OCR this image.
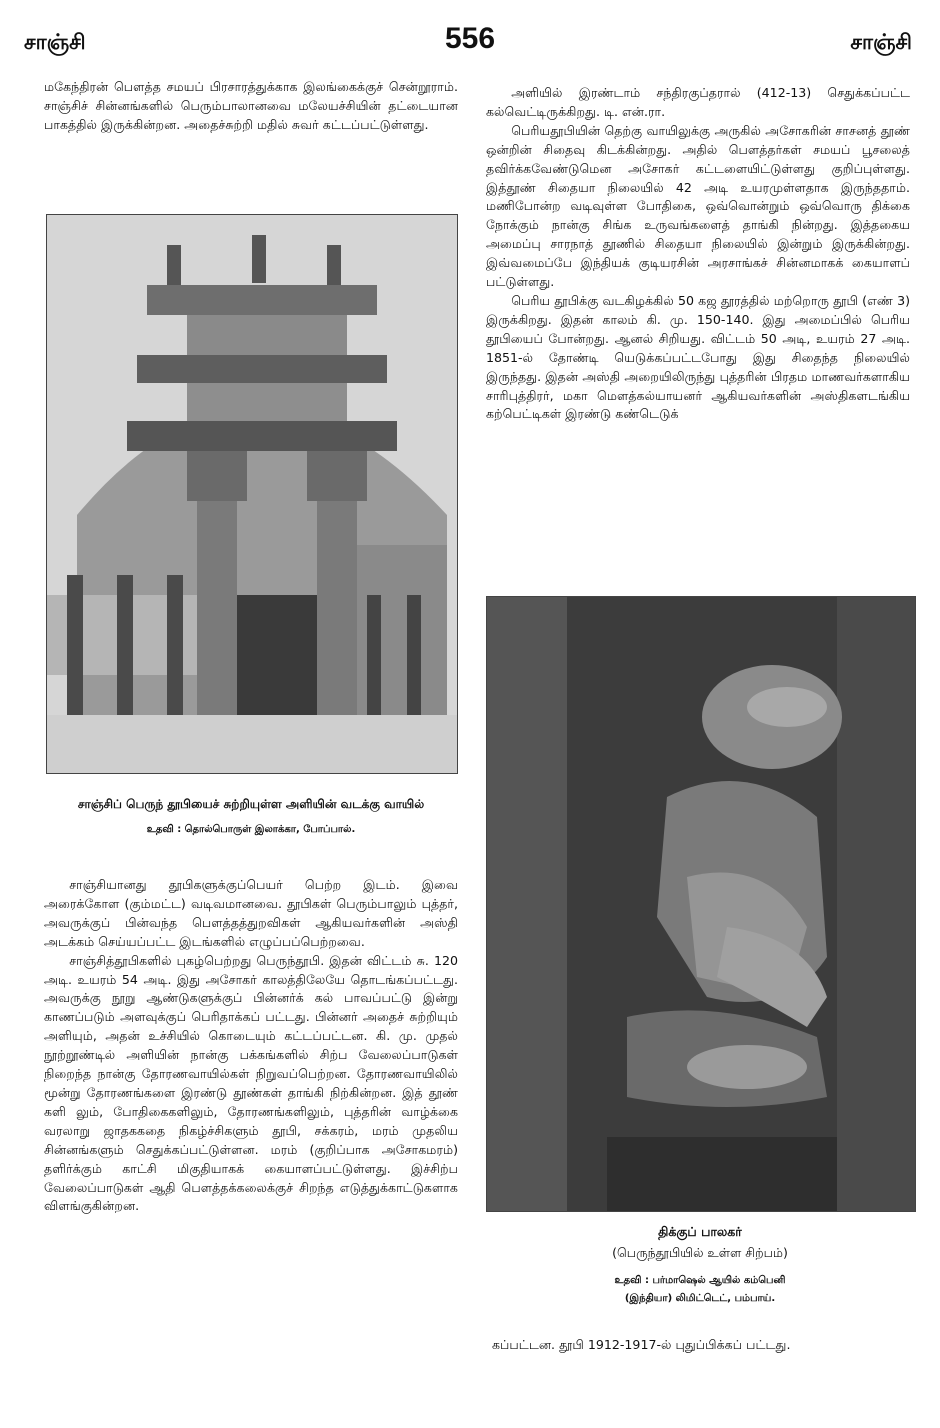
சாஞ்சி	556	சாஞ்சி

மகேந்திரன் பௌத்த சமயப் பிரசாரத்துக்காக இலங்கைக்குச் சென்றூராம். சாஞ்சிச் சின்னங்களில் பெரும்பாலானவை மலேயச்சியின் தட்டையான பாகத்தில் இருக்கின்றன. அதைச்சுற்றி மதில் சுவர் கட்டப்பட்டுள்ளது.

சாஞ்சிப் பெருந் தூபியைச் சுற்றியுள்ள அளியின் வடக்கு வாயில்
உதவி : தொல்பொருள் இலாக்கா, போப்பால்.

சாஞ்சியானது தூபிகளுக்குப்பெயர் பெற்ற இடம். இவை அரைக்கோள (கும்மட்ட) வடிவமானவை. தூபிகள் பெரும்பாலும் புத்தர், அவருக்குப் பின்வந்த பௌத்தத்துறவிகள் ஆகியவர்களின் அஸ்தி அடக்கம் செய்யப்பட்ட இடங்களில் எழுப்பப்பெற்றவை.

சாஞ்சித்தூபிகளில் புகழ்பெற்றது பெருந்தூபி. இதன் விட்டம் சு. 120 அடி. உயரம் 54 அடி. இது அசோகர் காலத்திலேயே தொடங்கப்பட்டது. அவருக்கு நூறு ஆண்டுகளுக்குப் பின்னர்க் கல் பாவப்பட்டு இன்று காணப்படும் அளவுக்குப் பெரிதாக்கப் பட்டது. பின்னர் அதைச் சுற்றியும் அளியும், அதன் உச்சியில் கொடையும் கட்டப்பட்டன. கி. மு. முதல் நூற்றூண்டில் அளியின் நான்கு பக்கங்களில் சிற்ப வேலைப்பாடுகள் நிறைந்த நான்கு தோரணவாயில்கள் நிறுவப்பெற்றன. தோரணவாயிலில் மூன்று தோரணங்களை இரண்டு தூண்கள் தாங்கி நிற்கின்றன. இத் தூண் களி லும், போதிகைகளிலும், தோரணங்களிலும், புத்தரின் வாழ்க்கை வரலாறு ஜாதககதை நிகழ்ச்சிகளும் தூபி, சக்கரம், மரம் முதலிய சின்னங்களும் செதுக்கப்பட்டுள்ளன. மரம் (குறிப்பாக அசோகமரம்) தளிர்க்கும் காட்சி மிகுதியாகக் கையாளப்பட்டுள்ளது. இச்சிற்ப வேலைப்பாடுகள் ஆதி பௌத்தக்கலைக்குச் சிறந்த எடுத்துக்காட்டுகளாக விளங்குகின்றன.

அளியில் இரண்டாம் சந்திரகுப்தரால் (412-13) செதுக்கப்பட்ட கல்வெட்டிருக்கிறது. டி. என்.ரா.

பெரியதூபியின் தெற்கு வாயிலுக்கு அருகில் அசோகரின் சாசனத் தூண் ஒன்றின் சிதைவு கிடக்கின்றது. அதில் பௌத்தர்கள் சமயப் பூசலைத் தவிர்க்கவேண்டுமென அசோகர் கட்டளையிட்டுள்ளது குறிப்புள்ளது. இத்தூண் சிதையா நிலையில் 42 அடி உயரமுள்ளதாக இருந்ததாம். மணிபோன்ற வடிவுள்ள போதிகை, ஒவ்வொன்றும் ஒவ்வொரு திக்கை நோக்கும் நான்கு சிங்க உருவங்களைத் தாங்கி நின்றது. இத்தகைய அமைப்பு சாரநாத் தூணில் சிதையா நிலையில் இன்றும் இருக்கின்றது. இவ்வமைப்பே இந்தியக் குடியரசின் அரசாங்கச் சின்னமாகக் கையாளப் பட்டுள்ளது.

பெரிய தூபிக்கு வடகிழக்கில் 50 கஜ தூரத்தில் மற்றொரு தூபி (எண் 3) இருக்கிறது. இதன் காலம் கி. மு. 150-140. இது அமைப்பில் பெரிய தூபியைப் போன்றது. ஆனல் சிறியது. விட்டம் 50 அடி, உயரம் 27 அடி. 1851-ல் தோண்டி யெடுக்கப்பட்டபோது இது சிதைந்த நிலையில் இருந்தது. இதன் அஸ்தி அறையிலிருந்து புத்தரின் பிரதம மாணவர்களாகிய சாரிபுத்திரர், மகா மௌத்கல்யாயனர் ஆகியவர்களின் அஸ்திகளடங்கிய கற்பெட்டிகள் இரண்டு கண்டெடுக்

திக்குப் பாலகர்
(பெருந்தூபியில் உள்ள சிற்பம்)
உதவி : பர்மாஷெல் ஆயில் கம்பெனி
(இந்தியா) லிமிட்டெட், பம்பாய்.

கப்பட்டன. தூபி 1912-1917-ல் புதுப்பிக்கப் பட்டது.
